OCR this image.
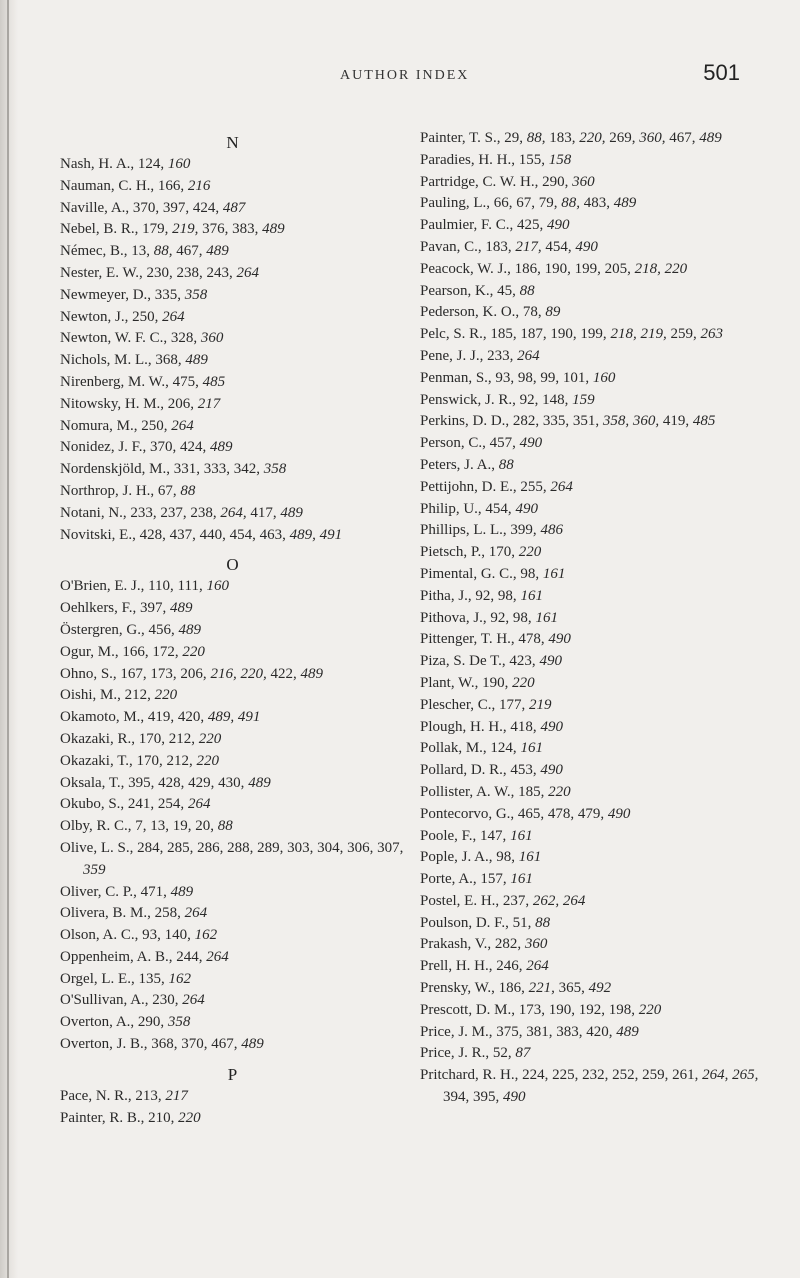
AUTHOR INDEX	501
N
Nash, H. A., 124, 160
Nauman, C. H., 166, 216
Naville, A., 370, 397, 424, 487
Nebel, B. R., 179, 219, 376, 383, 489
Némec, B., 13, 88, 467, 489
Nester, E. W., 230, 238, 243, 264
Newmeyer, D., 335, 358
Newton, J., 250, 264
Newton, W. F. C., 328, 360
Nichols, M. L., 368, 489
Nirenberg, M. W., 475, 485
Nitowsky, H. M., 206, 217
Nomura, M., 250, 264
Nonidez, J. F., 370, 424, 489
Nordenskjöld, M., 331, 333, 342, 358
Northrop, J. H., 67, 88
Notani, N., 233, 237, 238, 264, 417, 489
Novitski, E., 428, 437, 440, 454, 463, 489, 491
O
O'Brien, E. J., 110, 111, 160
Oehlkers, F., 397, 489
Östergren, G., 456, 489
Ogur, M., 166, 172, 220
Ohno, S., 167, 173, 206, 216, 220, 422, 489
Oishi, M., 212, 220
Okamoto, M., 419, 420, 489, 491
Okazaki, R., 170, 212, 220
Okazaki, T., 170, 212, 220
Oksala, T., 395, 428, 429, 430, 489
Okubo, S., 241, 254, 264
Olby, R. C., 7, 13, 19, 20, 88
Olive, L. S., 284, 285, 286, 288, 289, 303, 304, 306, 307, 359
Oliver, C. P., 471, 489
Olivera, B. M., 258, 264
Olson, A. C., 93, 140, 162
Oppenheim, A. B., 244, 264
Orgel, L. E., 135, 162
O'Sullivan, A., 230, 264
Overton, A., 290, 358
Overton, J. B., 368, 370, 467, 489
P
Pace, N. R., 213, 217
Painter, R. B., 210, 220
Painter, T. S., 29, 88, 183, 220, 269, 360, 467, 489
Paradies, H. H., 155, 158
Partridge, C. W. H., 290, 360
Pauling, L., 66, 67, 79, 88, 483, 489
Paulmier, F. C., 425, 490
Pavan, C., 183, 217, 454, 490
Peacock, W. J., 186, 190, 199, 205, 218, 220
Pearson, K., 45, 88
Pederson, K. O., 78, 89
Pelc, S. R., 185, 187, 190, 199, 218, 219, 259, 263
Pene, J. J., 233, 264
Penman, S., 93, 98, 99, 101, 160
Penswick, J. R., 92, 148, 159
Perkins, D. D., 282, 335, 351, 358, 360, 419, 485
Person, C., 457, 490
Peters, J. A., 88
Pettijohn, D. E., 255, 264
Philip, U., 454, 490
Phillips, L. L., 399, 486
Pietsch, P., 170, 220
Pimental, G. C., 98, 161
Pitha, J., 92, 98, 161
Pithova, J., 92, 98, 161
Pittenger, T. H., 478, 490
Piza, S. De T., 423, 490
Plant, W., 190, 220
Plescher, C., 177, 219
Plough, H. H., 418, 490
Pollak, M., 124, 161
Pollard, D. R., 453, 490
Pollister, A. W., 185, 220
Pontecorvo, G., 465, 478, 479, 490
Poole, F., 147, 161
Pople, J. A., 98, 161
Porte, A., 157, 161
Postel, E. H., 237, 262, 264
Poulson, D. F., 51, 88
Prakash, V., 282, 360
Prell, H. H., 246, 264
Prensky, W., 186, 221, 365, 492
Prescott, D. M., 173, 190, 192, 198, 220
Price, J. M., 375, 381, 383, 420, 489
Price, J. R., 52, 87
Pritchard, R. H., 224, 225, 232, 252, 259, 261, 264, 265, 394, 395, 490
